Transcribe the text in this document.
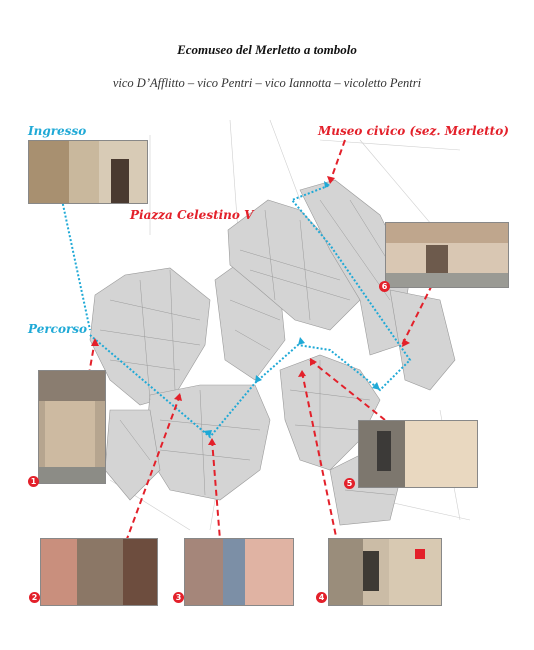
Ecomuseo del Merletto a tombolo
vico D’Afflitto – vico Pentri – vico Iannotta – vicoletto Pentri
Ingresso
Percorso
Museo civico (sez. Merletto)
Piazza Celestino V
6
1	5
2	3	4
